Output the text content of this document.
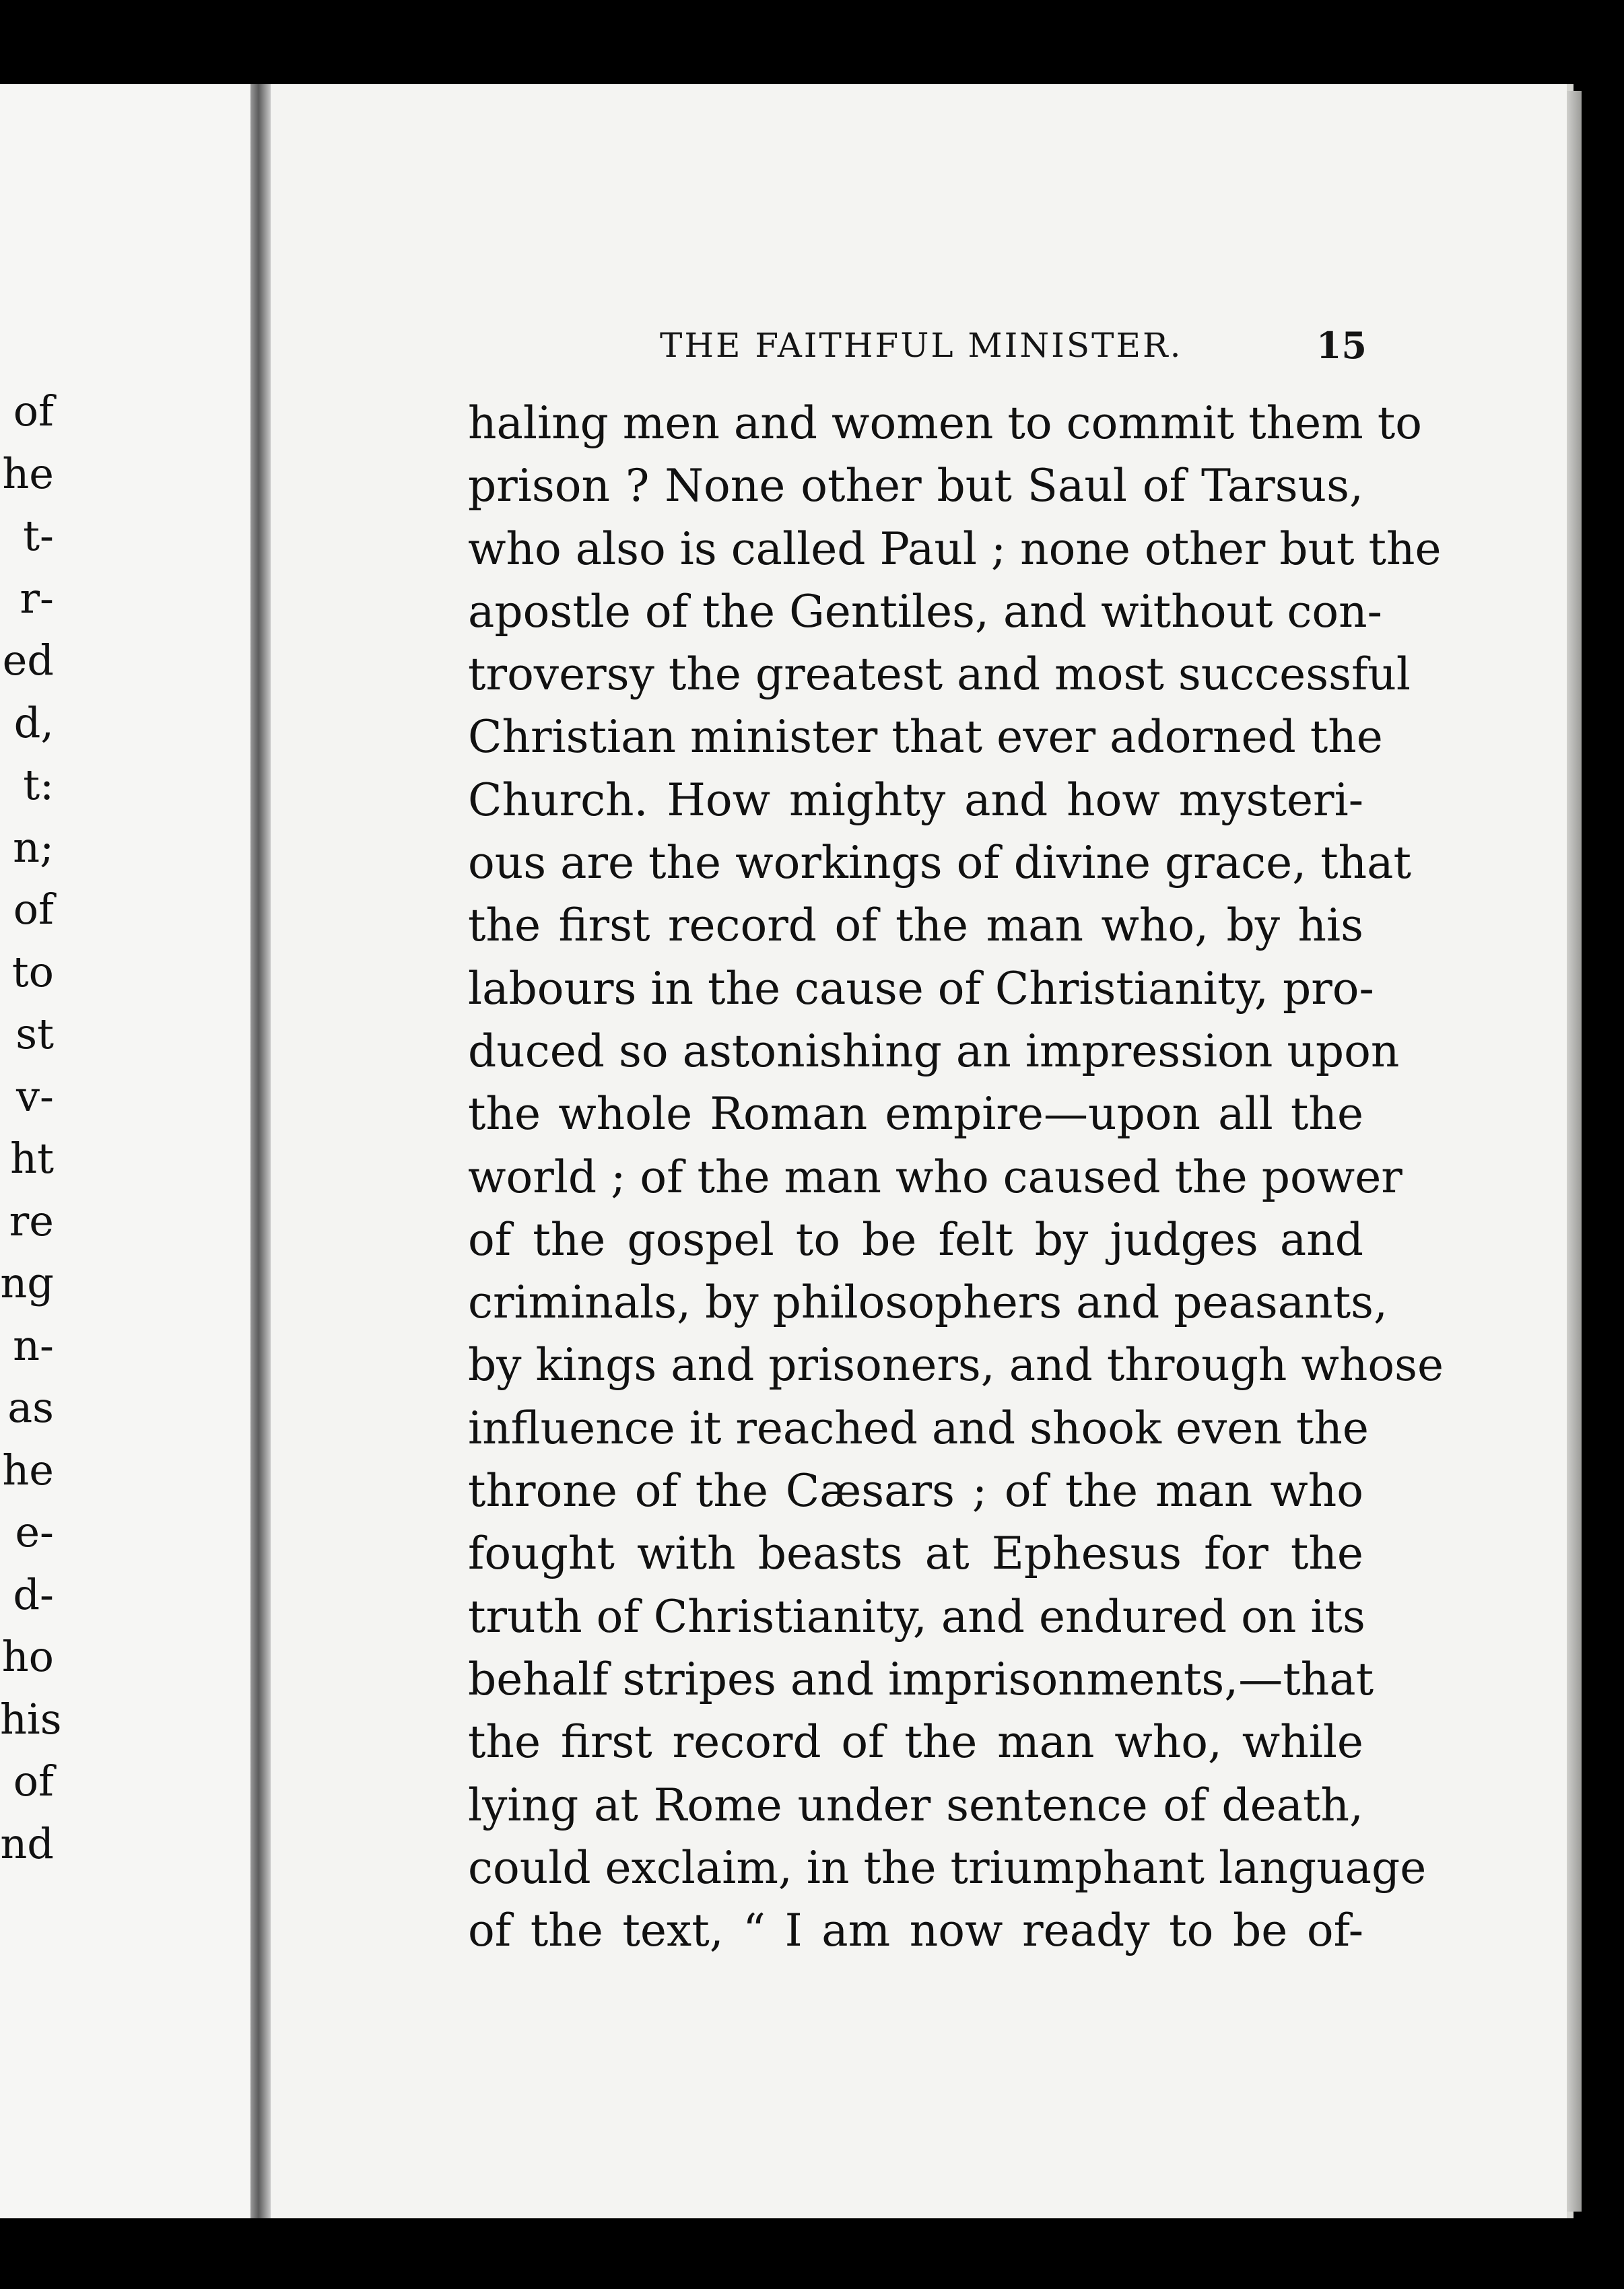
of
he
t-
r-
ed
d,
t:
n;
of
to
st
v-
ht
re
ng
n-
as
he
e-
d-
ho
his
of
nd
THE FAITHFUL MINISTER.	15
haling men and women to commit them to
prison ? None other but Saul of Tarsus,
who also is called Paul ; none other but the
apostle of the Gentiles, and without con-
troversy the greatest and most successful
Christian minister that ever adorned the
Church. How mighty and how mysteri-
ous are the workings of divine grace, that
the first record of the man who, by his
labours in the cause of Christianity, pro-
duced so astonishing an impression upon
the whole Roman empire—upon all the
world ; of the man who caused the power
of the gospel to be felt by judges and
criminals, by philosophers and peasants,
by kings and prisoners, and through whose
influence it reached and shook even the
throne of the Cæsars ; of the man who
fought with beasts at Ephesus for the
truth of Christianity, and endured on its
behalf stripes and imprisonments,—that
the first record of the man who, while
lying at Rome under sentence of death,
could exclaim, in the triumphant language
of the text, “ I am now ready to be of-
